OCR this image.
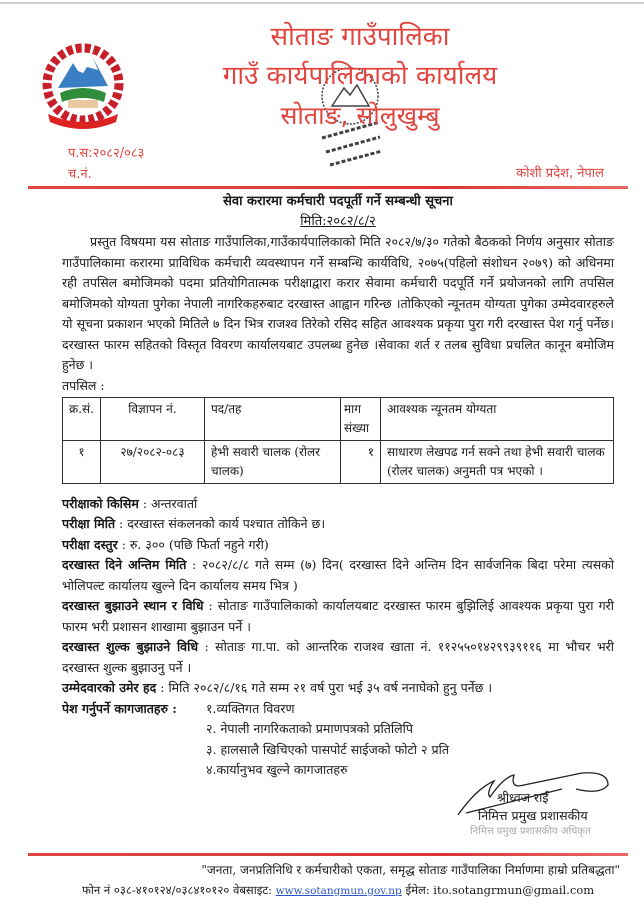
सोताङ गाउँपालिका
गाउँ कार्यपालिकाको कार्यालय
सोताङ, सोलुखुम्बु
प.स:२०८२/०८३
च.नं.	कोशी प्रदेश, नेपाल
सेवा करारमा कर्मचारी पदपूर्ती गर्ने सम्बन्धी सूचना
मिति:२०८२/८/२

प्रस्तुत विषयमा यस सोताङ गाउँपालिका,गाउँकार्यपालिकाको मिति २०८२/७/३० गतेको बैठकको निर्णय अनुसार सोताङ गाउँपालिकामा करारमा प्राविधिक कर्मचारी व्यवस्थापन गर्ने सम्बन्धि कार्यविधि, २०७५(पहिलो संशोधन २०७९) को अधिनमा रही तपसिल बमोजिमको पदमा प्रतियोगितात्मक परीक्षाद्वारा करार सेवामा कर्मचारी पदपूर्ति गर्ने प्रयोजनको लागि तपसिल बमोजिमको योग्यता पुगेका नेपाली नागरिकहरुबाट दरखास्त आह्वान गरिन्छ ।तोकिएको न्यूनतम योग्यता पुगेका उम्मेदवारहरुले यो सूचना प्रकाशन भएको मितिले ७ दिन भित्र राजश्व तिरेको रसिद सहित आवश्यक प्रकृया पुरा गरी दरखास्त पेश गर्नु पर्नेछ। दरखास्त फारम सहितको विस्तृत विवरण कार्यालयबाट उपलब्ध हुनेछ ।सेवाका शर्त र तलब सुविधा प्रचलित कानून बमोजिम हुनेछ ।

तपसिल :
क्र.सं.	विज्ञापन नं.	पद/तह	माग संख्या	आवश्यक न्यूनतम योग्यता
१	२७/२०८२-०८३	हेभी सवारी चालक (रोलर चालक)	१	साधारण लेखपढ गर्न सक्ने तथा हेभी सवारी चालक (रोलर चालक) अनुमती पत्र भएको ।
परीक्षाको किसिम : अन्तरवार्ता
परीक्षा मिति : दरखास्त संकलनको कार्य पश्चात तोकिने छ।
परीक्षा दस्तुर : रु. ३०० (पछि फिर्ता नहुने गरी)
दरखास्त दिने अन्तिम मिति : २०८२/८/८ गते सम्म (७) दिन( दरखास्त दिने अन्तिम दिन सार्वजनिक बिदा परेमा त्यसको भोलिपल्ट कार्यालय खुल्ने दिन कार्यालय समय भित्र )
दरखास्त बुझाउने स्थान र विधि : सोताङ गाउँपालिकाको कार्यालयबाट दरखास्त फारम बुझिलिई आवश्यक प्रकृया पुरा गरी फारम भरी प्रशासन शाखामा बुझाउन पर्ने ।
दरखास्त शुल्क बुझाउने विधि : सोताङ गा.पा. को आन्तरिक राजश्व खाता नं. ११२५५०१४२९९३९११६ मा भौचर भरी दरखास्त शुल्क बुझाउनु पर्ने ।
उम्मेदवारको उमेर हद : मिति २०८२/८/१६ गते सम्म २१ वर्ष पुरा भई ३५ वर्ष ननाघेको हुनु पर्नेछ ।
पेश गर्नुपर्ने कागजातहरु :	१.व्यक्तिगत विवरण
२. नेपाली नागरिकताको प्रमाणपत्रको प्रतिलिपि
३. हालसालै खिचिएको पासपोर्ट साईजको फोटो २ प्रति
४.कार्यानुभव खुल्ने कागजातहरु
श्रीध्वज राई
निमित्त प्रमुख प्रशासकीय
निमित्त प्रमुख प्रशासकीय अधिकृत
"जनता, जनप्रतिनिधि र कर्मचारीको एकता, समृद्ध सोताङ गाउँपालिका निर्माणमा हाम्रो प्रतिबद्धता"
फोन नं ०३८-४१०१२४/०३८४१०१२० वेबसाइट: www.sotangmun.gov.np ईमेल: ito.sotangrmun@gmail.com
